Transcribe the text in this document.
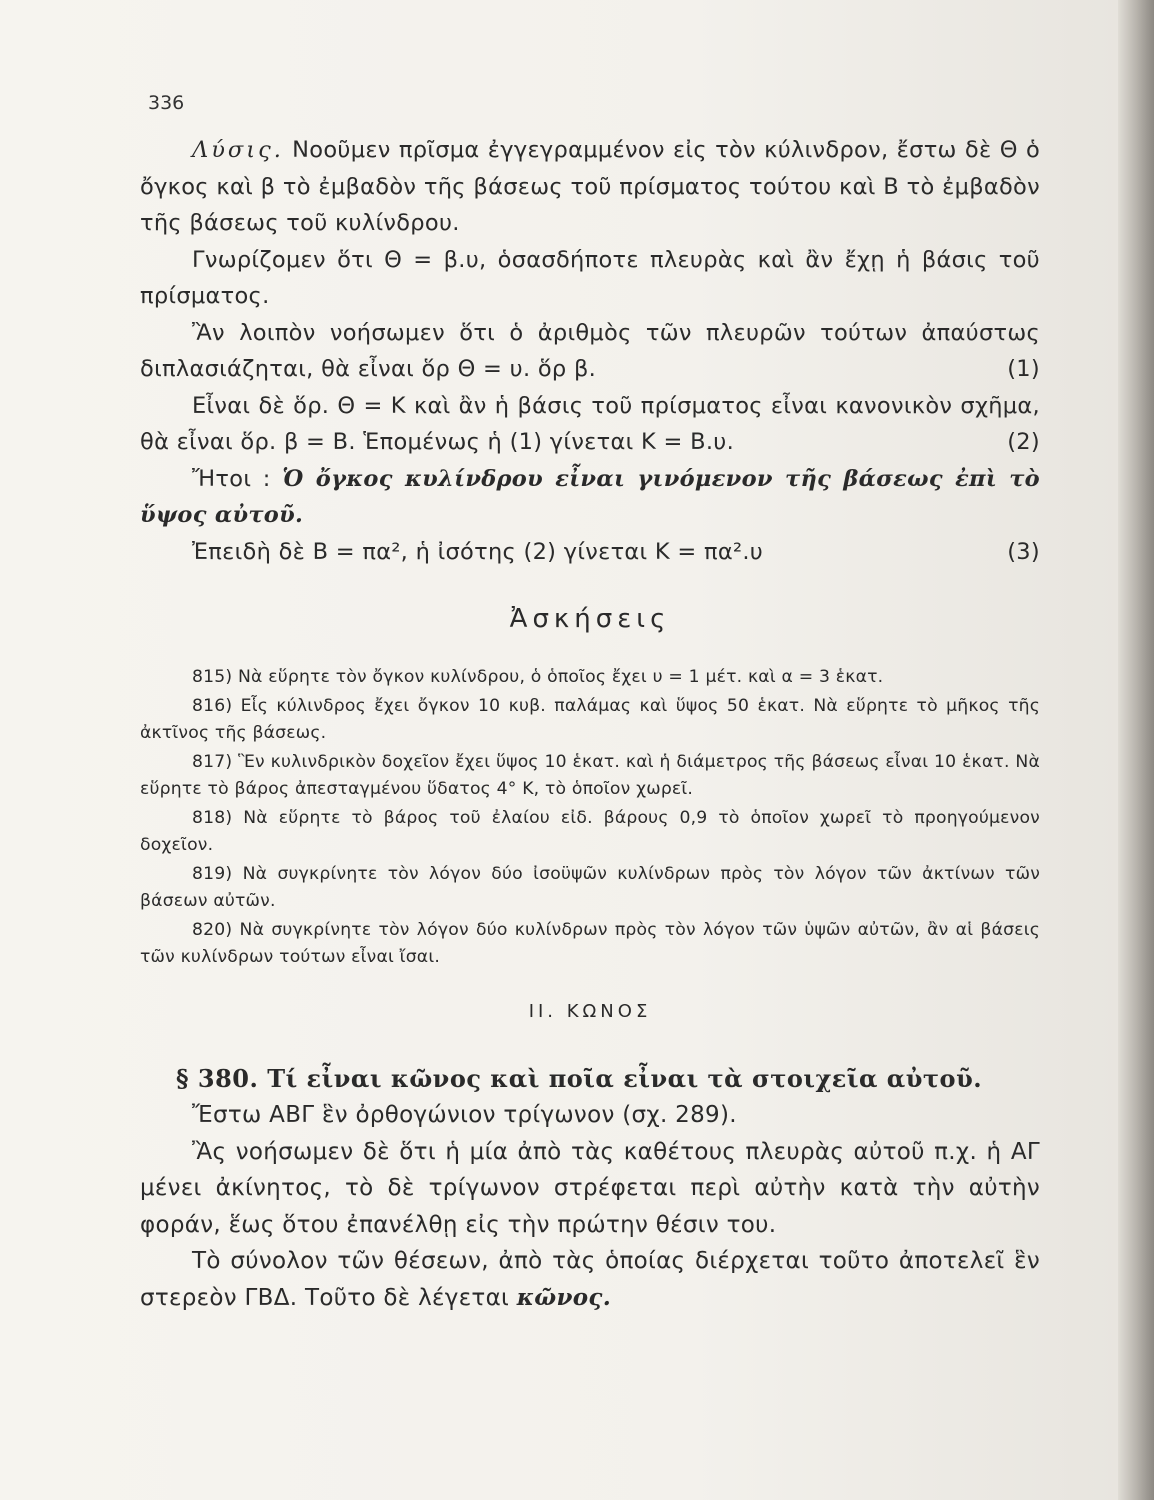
336

Λύσις. Νοοῦμεν πρῖσμα ἐγγεγραμμένον εἰς τὸν κύλινδρον, ἔστω δὲ Θ ὁ ὄγκος καὶ β τὸ ἐμβαδὸν τῆς βάσεως τοῦ πρίσματος τούτου καὶ Β τὸ ἐμβαδὸν τῆς βάσεως τοῦ κυλίνδρου.

Γνωρίζομεν ὅτι Θ = β.υ, ὁσασδήποτε πλευρὰς καὶ ἂν ἔχῃ ἡ βάσις τοῦ πρίσματος.

Ἂν λοιπὸν νοήσωμεν ὅτι ὁ ἀριθμὸς τῶν πλευρῶν τούτων ἀπαύστως διπλασιάζηται, θὰ εἶναι ὅρ Θ = υ. ὅρ β.	(1)

Εἶναι δὲ ὅρ. Θ = Κ καὶ ἂν ἡ βάσις τοῦ πρίσματος εἶναι κανονικὸν σχῆμα, θὰ εἶναι ὅρ. β = Β. Ἑπομένως ἡ (1) γίνεται Κ = Β.υ.	(2)

Ἤτοι : Ὁ ὄγκος κυλίνδρου εἶναι γινόμενον τῆς βάσεως ἐπὶ τὸ ὕψος αὐτοῦ.

Ἐπειδὴ δὲ Β = πα², ἡ ἰσότης (2) γίνεται Κ = πα².υ	(3)

Ἀσκήσεις

815) Νὰ εὕρητε τὸν ὄγκον κυλίνδρου, ὁ ὁποῖος ἔχει υ = 1 μέτ. καὶ α = 3 ἑκατ.

816) Εἷς κύλινδρος ἔχει ὄγκον 10 κυβ. παλάμας καὶ ὕψος 50 ἑκατ. Νὰ εὕρητε τὸ μῆκος τῆς ἀκτῖνος τῆς βάσεως.

817) Ἓν κυλινδρικὸν δοχεῖον ἔχει ὕψος 10 ἑκατ. καὶ ἡ διάμετρος τῆς βάσεως εἶναι 10 ἑκατ. Νὰ εὕρητε τὸ βάρος ἀπεσταγμένου ὕδατος 4° Κ, τὸ ὁποῖον χωρεῖ.

818) Νὰ εὕρητε τὸ βάρος τοῦ ἐλαίου εἰδ. βάρους 0,9 τὸ ὁποῖον χωρεῖ τὸ προηγούμενον δοχεῖον.

819) Νὰ συγκρίνητε τὸν λόγον δύο ἰσοϋψῶν κυλίνδρων πρὸς τὸν λόγον τῶν ἀκτίνων τῶν βάσεων αὐτῶν.

820) Νὰ συγκρίνητε τὸν λόγον δύο κυλίνδρων πρὸς τὸν λόγον τῶν ὑψῶν αὐτῶν, ἂν αἱ βάσεις τῶν κυλίνδρων τούτων εἶναι ἴσαι.

ΙΙ. ΚΩΝΟΣ

§ 380. Τί εἶναι κῶνος καὶ ποῖα εἶναι τὰ στοιχεῖα αὐτοῦ.

Ἔστω ΑΒΓ ἓν ὀρθογώνιον τρίγωνον (σχ. 289).

Ἂς νοήσωμεν δὲ ὅτι ἡ μία ἀπὸ τὰς καθέτους πλευρὰς αὐτοῦ π.χ. ἡ ΑΓ μένει ἀκίνητος, τὸ δὲ τρίγωνον στρέφεται περὶ αὐτὴν κατὰ τὴν αὐτὴν φοράν, ἕως ὅτου ἐπανέλθῃ εἰς τὴν πρώτην θέσιν του.

Τὸ σύνολον τῶν θέσεων, ἀπὸ τὰς ὁποίας διέρχεται τοῦτο ἀποτελεῖ ἓν στερεὸν ΓΒΔ. Τοῦτο δὲ λέγεται κῶνος.
